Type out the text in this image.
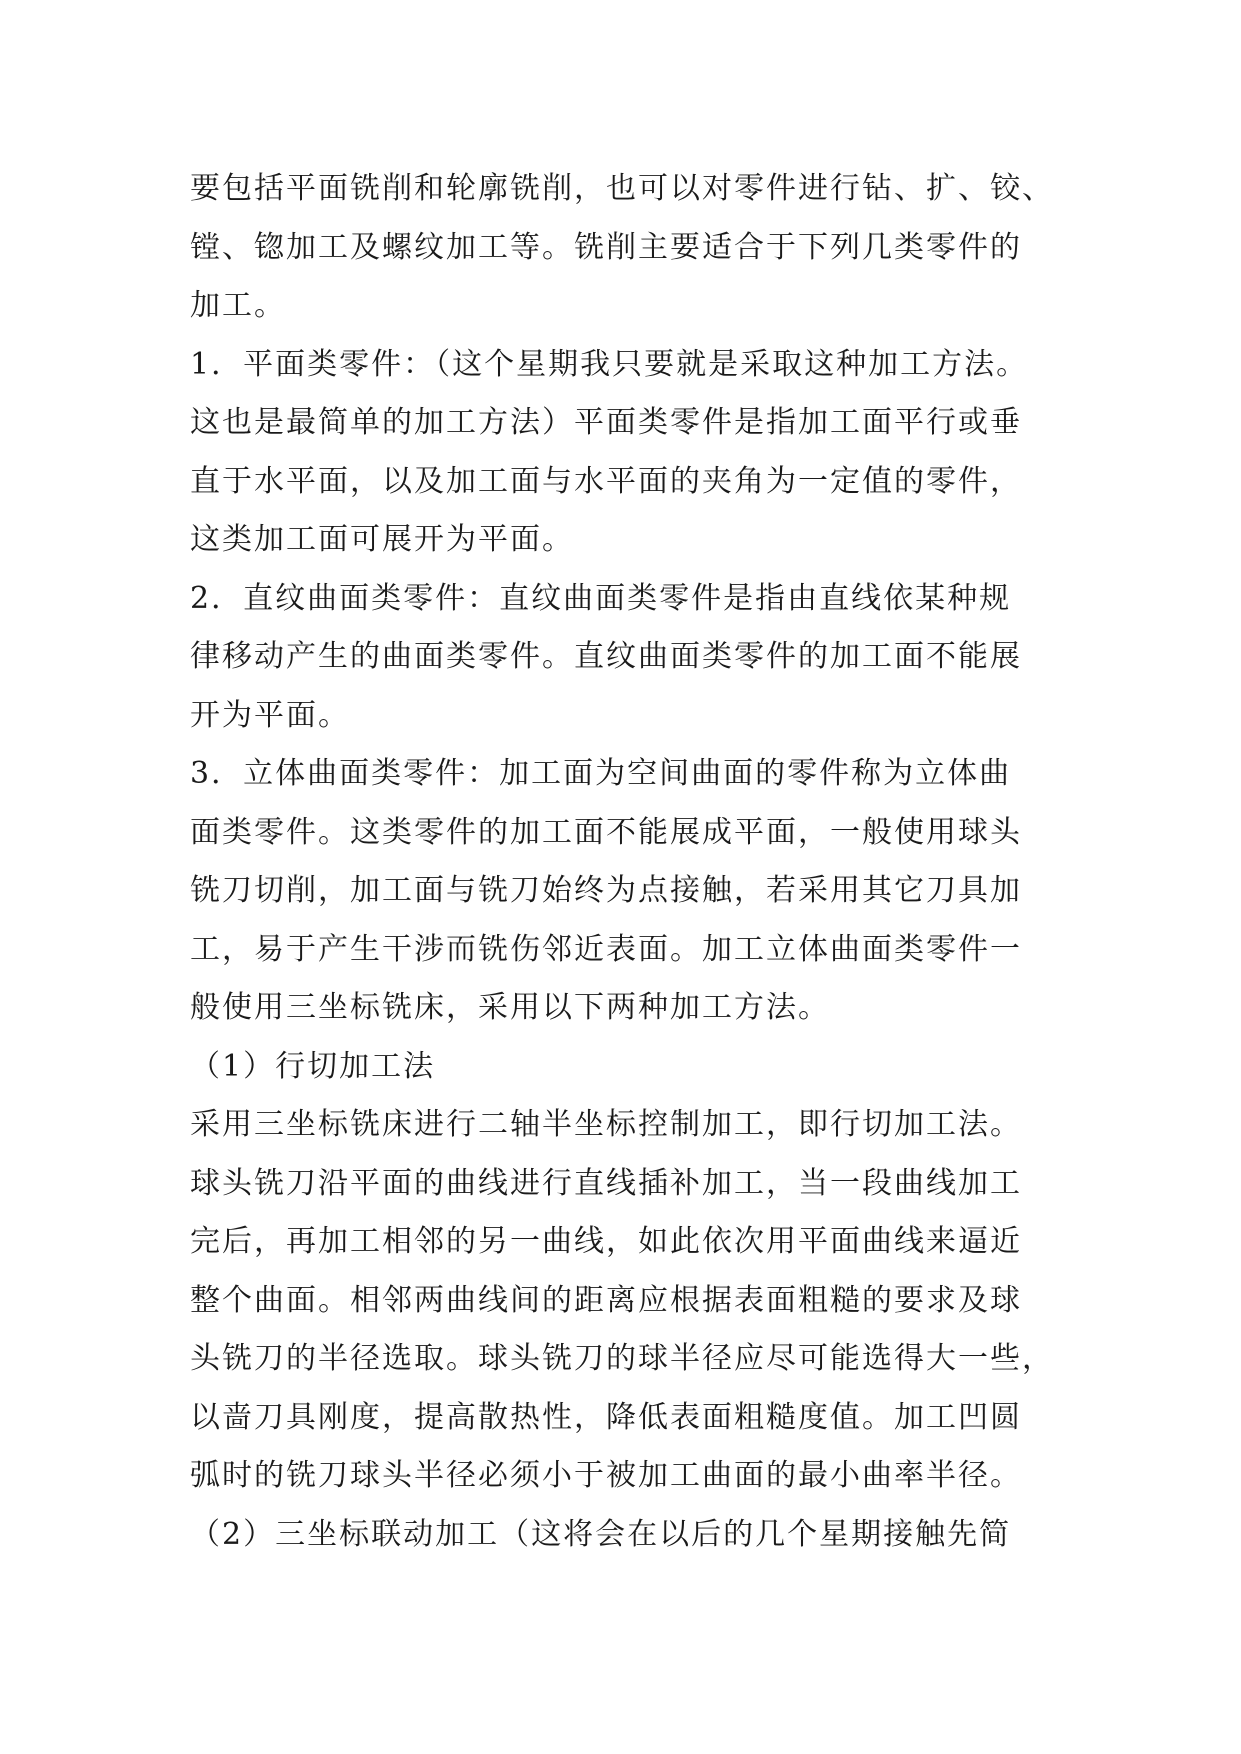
要包括平面铣削和轮廓铣削，也可以对零件进行钻、扩、铰、
镗、锪加工及螺纹加工等。铣削主要适合于下列几类零件的
加工。
1．平面类零件：（这个星期我只要就是采取这种加工方法。
这也是最简单的加工方法）平面类零件是指加工面平行或垂
直于水平面，以及加工面与水平面的夹角为一定值的零件，
这类加工面可展开为平面。
2．直纹曲面类零件：直纹曲面类零件是指由直线依某种规
律移动产生的曲面类零件。直纹曲面类零件的加工面不能展
开为平面。
3．立体曲面类零件：加工面为空间曲面的零件称为立体曲
面类零件。这类零件的加工面不能展成平面，一般使用球头
铣刀切削，加工面与铣刀始终为点接触，若采用其它刀具加
工，易于产生干涉而铣伤邻近表面。加工立体曲面类零件一
般使用三坐标铣床，采用以下两种加工方法。
（1）行切加工法
采用三坐标铣床进行二轴半坐标控制加工，即行切加工法。
球头铣刀沿平面的曲线进行直线插补加工，当一段曲线加工
完后，再加工相邻的另一曲线，如此依次用平面曲线来逼近
整个曲面。相邻两曲线间的距离应根据表面粗糙的要求及球
头铣刀的半径选取。球头铣刀的球半径应尽可能选得大一些，
以啬刀具刚度，提高散热性，降低表面粗糙度值。加工凹圆
弧时的铣刀球头半径必须小于被加工曲面的最小曲率半径。
（2）三坐标联动加工（这将会在以后的几个星期接触先简
